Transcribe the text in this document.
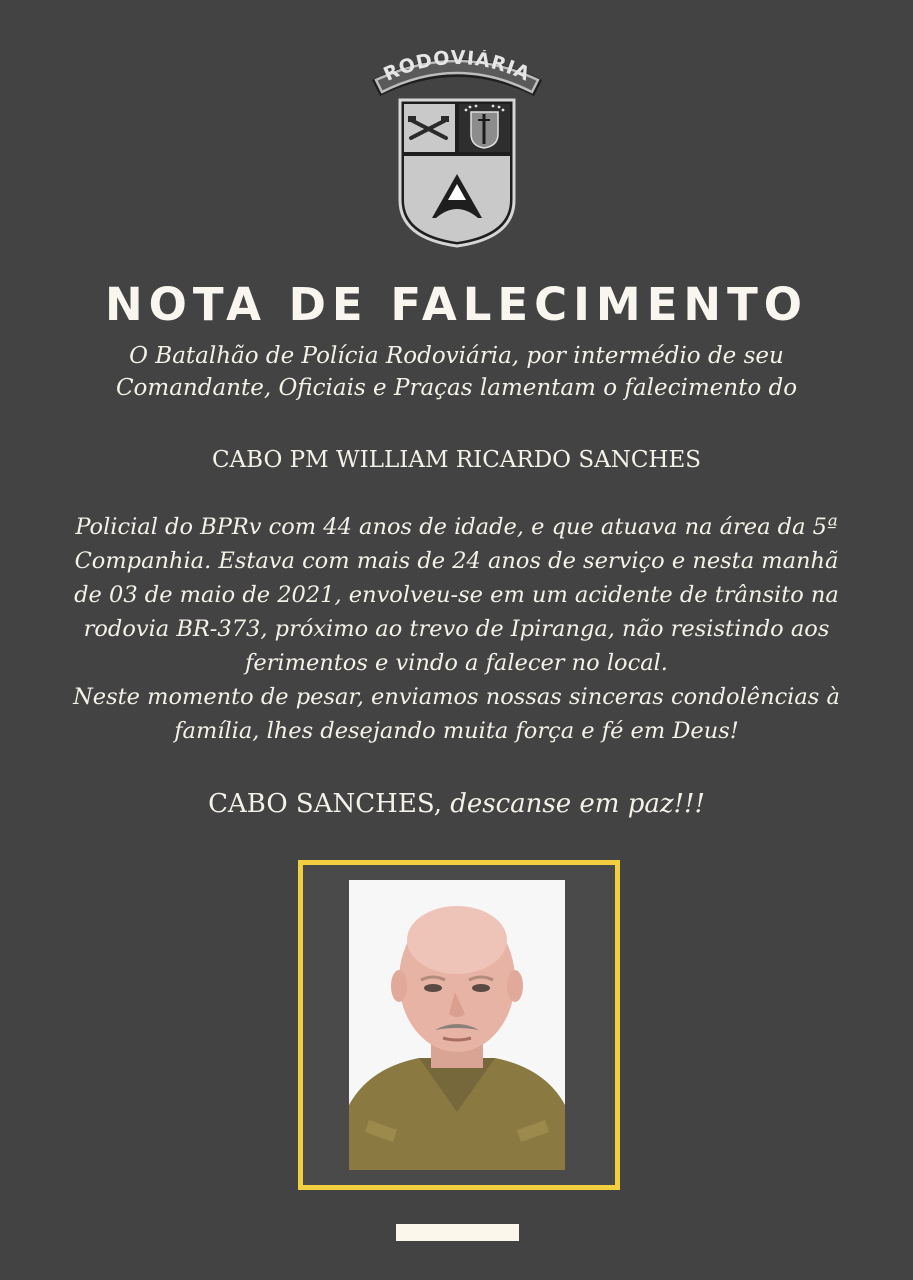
RODOVIÁRIA
NOTA DE FALECIMENTO
O Batalhão de Polícia Rodoviária, por intermédio de seu
Comandante, Oficiais e Praças lamentam o falecimento do
CABO PM WILLIAM RICARDO SANCHES

Policial do BPRv com 44 anos de idade, e que atuava na área da 5ª

Companhia. Estava com mais de 24 anos de serviço e nesta manhã

de 03 de maio de 2021, envolveu-se em um acidente de trânsito na

rodovia BR-373, próximo ao trevo de Ipiranga, não resistindo aos

ferimentos e vindo a falecer no local.

Neste momento de pesar, enviamos nossas sinceras condolências à

família, lhes desejando muita força e fé em Deus!

CABO SANCHES, descanse em paz!!!
